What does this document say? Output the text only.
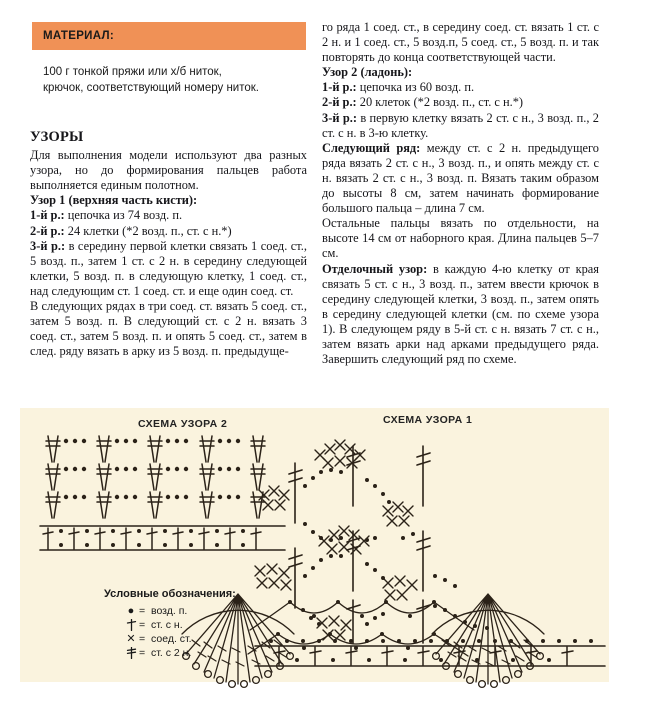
МАТЕРИАЛ:
100 г тонкой пряжи или х/б ниток,
крючок, соответствующий номеру ниток.
УЗОРЫ

Для выполнения модели используют два разных узора, но до формирования пальцев работа выполняется единым полотном.

Узор 1 (верхняя часть кисти):

1-й р.: цепочка из 74 возд. п.

2-й р.: 24 клетки (*2 возд. п., ст. с н.*)

3-й р.: в середину первой клетки связать 1 соед. ст., 5 возд. п., затем 1 ст. с 2 н. в середину следующей клетки, 5 возд. п. в следующую клетку, 1 соед. ст., над следующим ст. 1 соед. ст. и еще один соед. ст.

В следующих рядах в три соед. ст. вязать 5 соед. ст., затем 5 возд. п. В следующий ст. с 2 н. вязать 3 соед. ст., затем 5 возд. п. и опять 5 соед. ст., затем в след. ряду вязать в арку из 5 возд. п. предыдуще-

го ряда 1 соед. ст., в середину соед. ст. вязать 1 ст. с 2 н. и 1 соед. ст., 5 возд.п, 5 соед. ст., 5 возд. п. и так повторять до конца соответствующей части.

Узор 2 (ладонь):

1-й р.: цепочка из 60 возд. п.

2-й р.: 20 клеток (*2 возд. п., ст. с н.*)

3-й р.: в первую клетку вязать 2 ст. с н., 3 возд. п., 2 ст. с н. в 3-ю клетку.

Следующий ряд: между ст. с 2 н. предыдущего ряда вязать 2 ст. с н., 3 возд. п., и опять между ст. с н. вязать 2 ст. с н., 3 возд. п. Вязать таким образом до высоты 8 см, затем начинать формирование большого пальца – длина 7 см.

Остальные пальцы вязать по отдельности, на высоте 14 см от наборного края. Длина пальцев 5–7 см.

Отделочный узор: в каждую 4-ю клетку от края связать 5 ст. с н., 3 возд. п., затем ввести крючок в середину следующей клетки, 3 возд. п., затем опять в середину следующей клетки (см. по схеме узора 1). В следующем ряду в 5-й ст. с н. вязать 7 ст. с н., затем вязать арки над арками предыдущего ряда. Завершить следующий ряд по схеме.

СХЕМА УЗОРА 2	СХЕМА УЗОРА 1
Условные обозначения:
● = возд. п.
= ст. с н.
✕ = соед. ст.
= ст. с 2 н.
